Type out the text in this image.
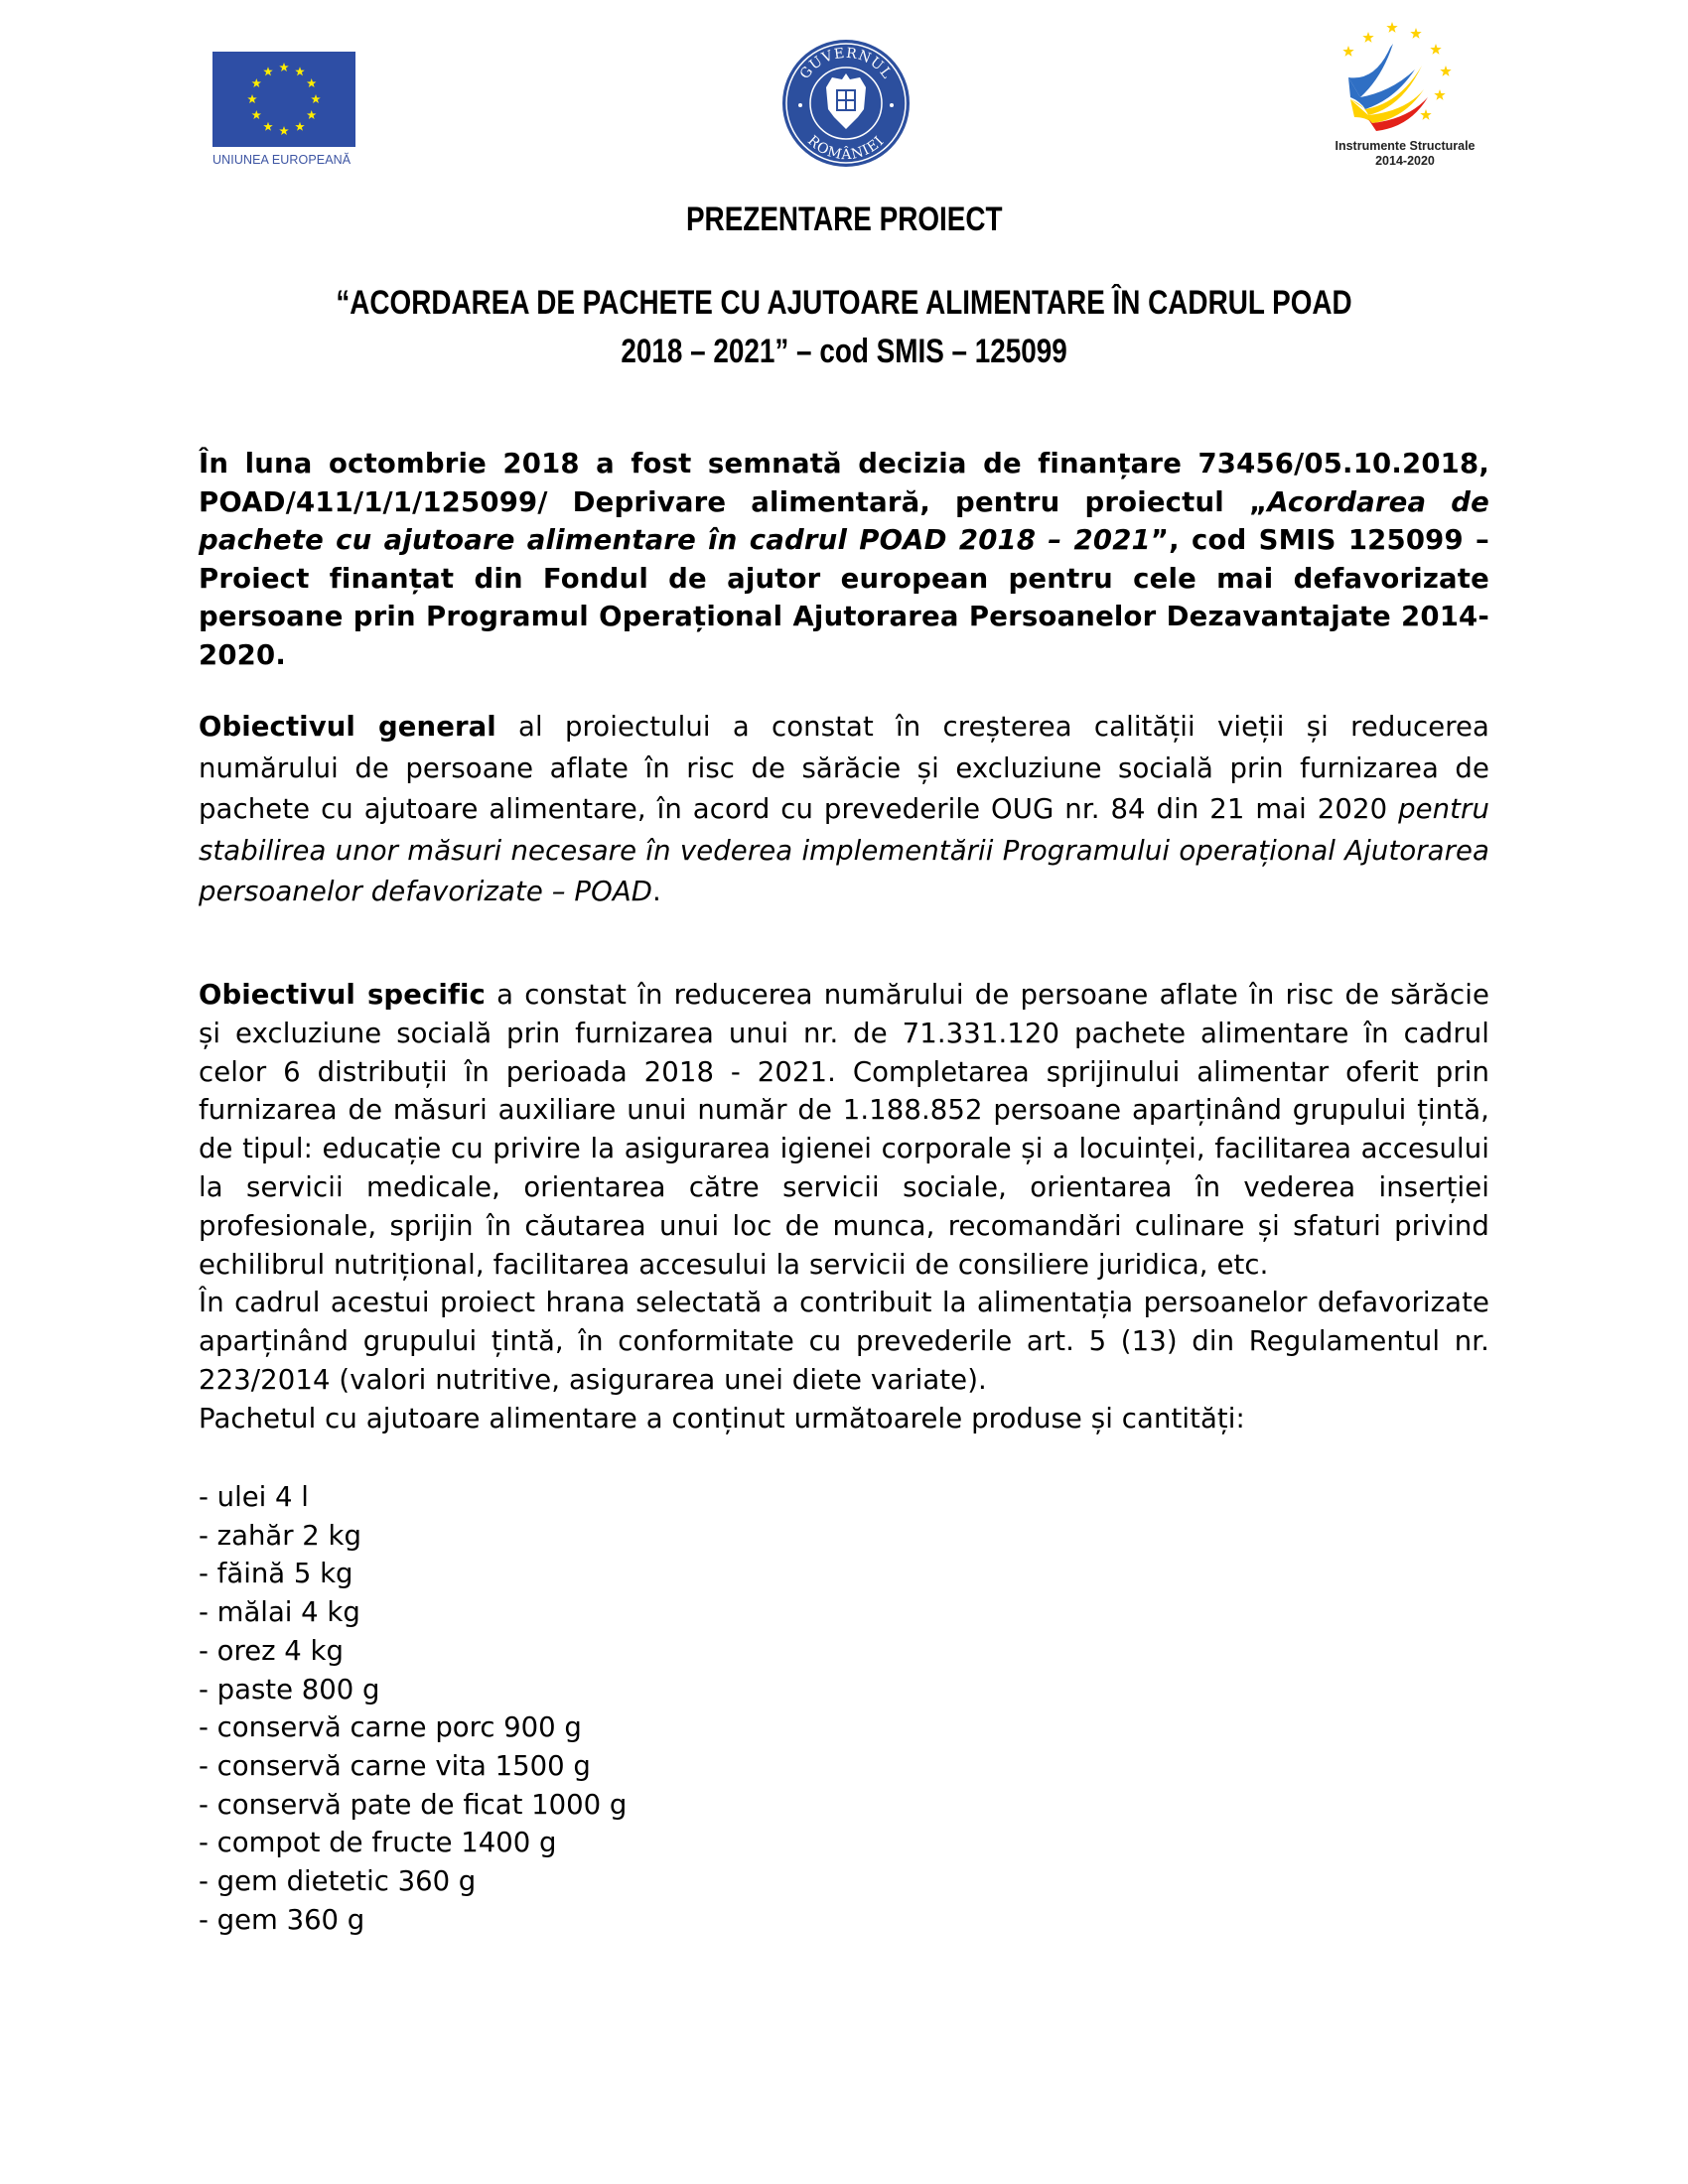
UNIUNEA EUROPEANĂ
GUVERNUL
ROMÂNIEI	Instrumente Structurale
2014-2020
PREZENTARE PROIECT
“ACORDAREA DE PACHETE CU AJUTOARE ALIMENTARE ÎN CADRUL POAD
2018 – 2021” – cod SMIS – 125099
În luna octombrie 2018 a fost semnată decizia de finanțare 73456/05.10.2018, POAD/411/1/1/125099/ Deprivare alimentară, pentru proiectul „Acordarea de pachete cu ajutoare alimentare în cadrul POAD 2018 – 2021”, cod SMIS 125099 – Proiect finanțat din Fondul de ajutor european pentru cele mai defavorizate persoane prin Programul Operațional Ajutorarea Persoanelor Dezavantajate 2014-2020.
Obiectivul general al proiectului a constat în creșterea calității vieții și reducerea numărului de persoane aflate în risc de sărăcie și excluziune socială prin furnizarea de pachete cu ajutoare alimentare, în acord cu prevederile OUG nr. 84 din 21 mai 2020 pentru stabilirea unor măsuri necesare în vederea implementării Programului operațional Ajutorarea persoanelor defavorizate – POAD.
Obiectivul specific a constat în reducerea numărului de persoane aflate în risc de sărăcie și excluziune socială prin furnizarea unui nr. de 71.331.120 pachete alimentare în cadrul celor 6 distribuții în perioada 2018 - 2021. Completarea sprijinului alimentar oferit prin furnizarea de măsuri auxiliare unui număr de 1.188.852 persoane aparținând grupului țintă, de tipul: educație cu privire la asigurarea igienei corporale și a locuinței, facilitarea accesului la servicii medicale, orientarea către servicii sociale, orientarea în vederea inserției profesionale, sprijin în căutarea unui loc de munca, recomandări culinare și sfaturi privind echilibrul nutrițional, facilitarea accesului la servicii de consiliere juridica, etc.
În cadrul acestui proiect hrana selectată a contribuit la alimentația persoanelor defavorizate aparținând grupului țintă, în conformitate cu prevederile art. 5 (13) din Regulamentul nr. 223/2014 (valori nutritive, asigurarea unei diete variate).
Pachetul cu ajutoare alimentare a conținut următoarele produse și cantități:
- ulei 4 l
- zahăr 2 kg
- făină 5 kg
- mălai 4 kg
- orez 4 kg
- paste 800 g
- conservă carne porc 900 g
- conservă carne vita 1500 g
- conservă pate de ficat 1000 g
- compot de fructe 1400 g
- gem dietetic 360 g
- gem 360 g
